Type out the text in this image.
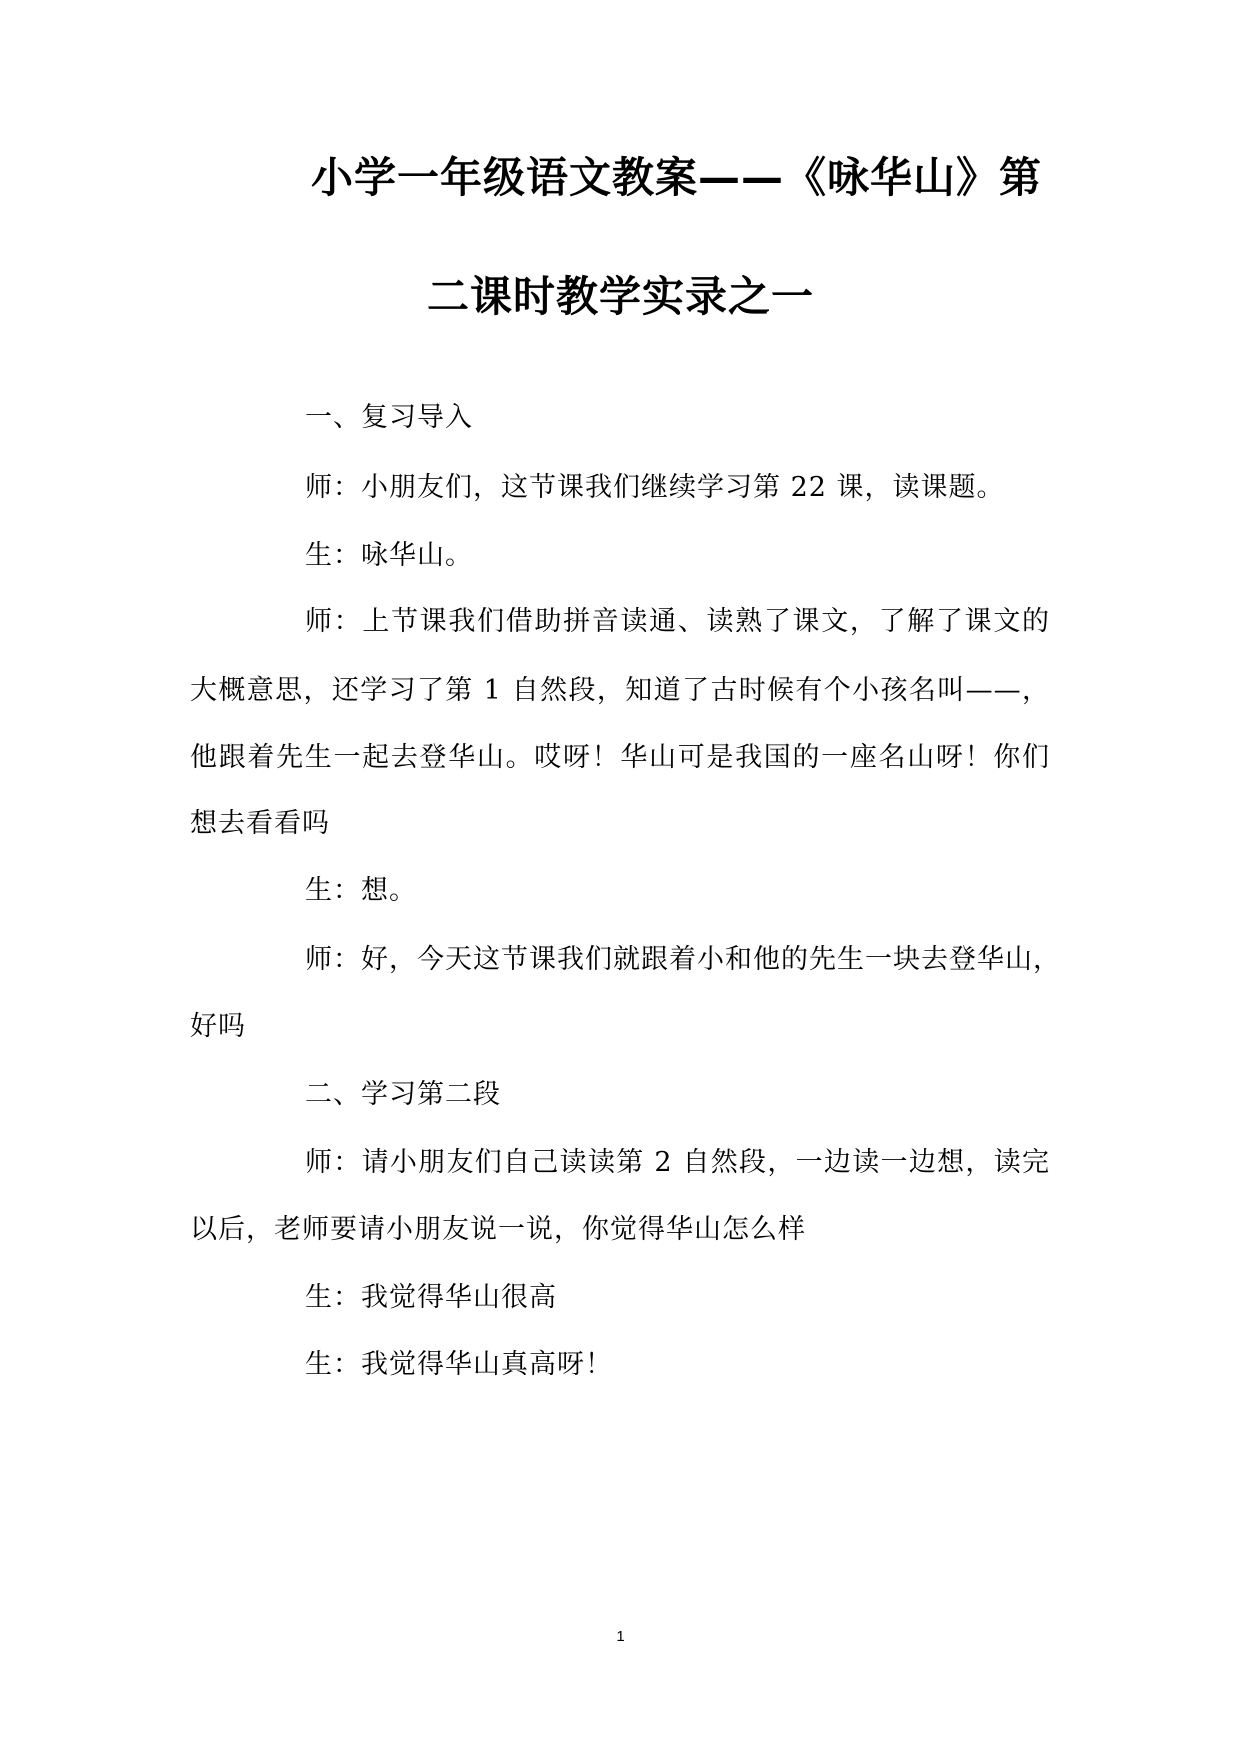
小学一年级语文教案——《咏华山》第
二课时教学实录之一
一、复习导入
师：小朋友们，这节课我们继续学习第 22 课，读课题。
生：咏华山。
师：上节课我们借助拼音读通、读熟了课文，了解了课文的
大概意思，还学习了第 1 自然段，知道了古时候有个小孩名叫——，
他跟着先生一起去登华山。哎呀！华山可是我国的一座名山呀！你们
想去看看吗
生：想。
师：好，今天这节课我们就跟着小和他的先生一块去登华山，
好吗
二、学习第二段
师：请小朋友们自己读读第 2 自然段，一边读一边想，读完
以后，老师要请小朋友说一说，你觉得华山怎么样
生：我觉得华山很高
生：我觉得华山真高呀！
1
